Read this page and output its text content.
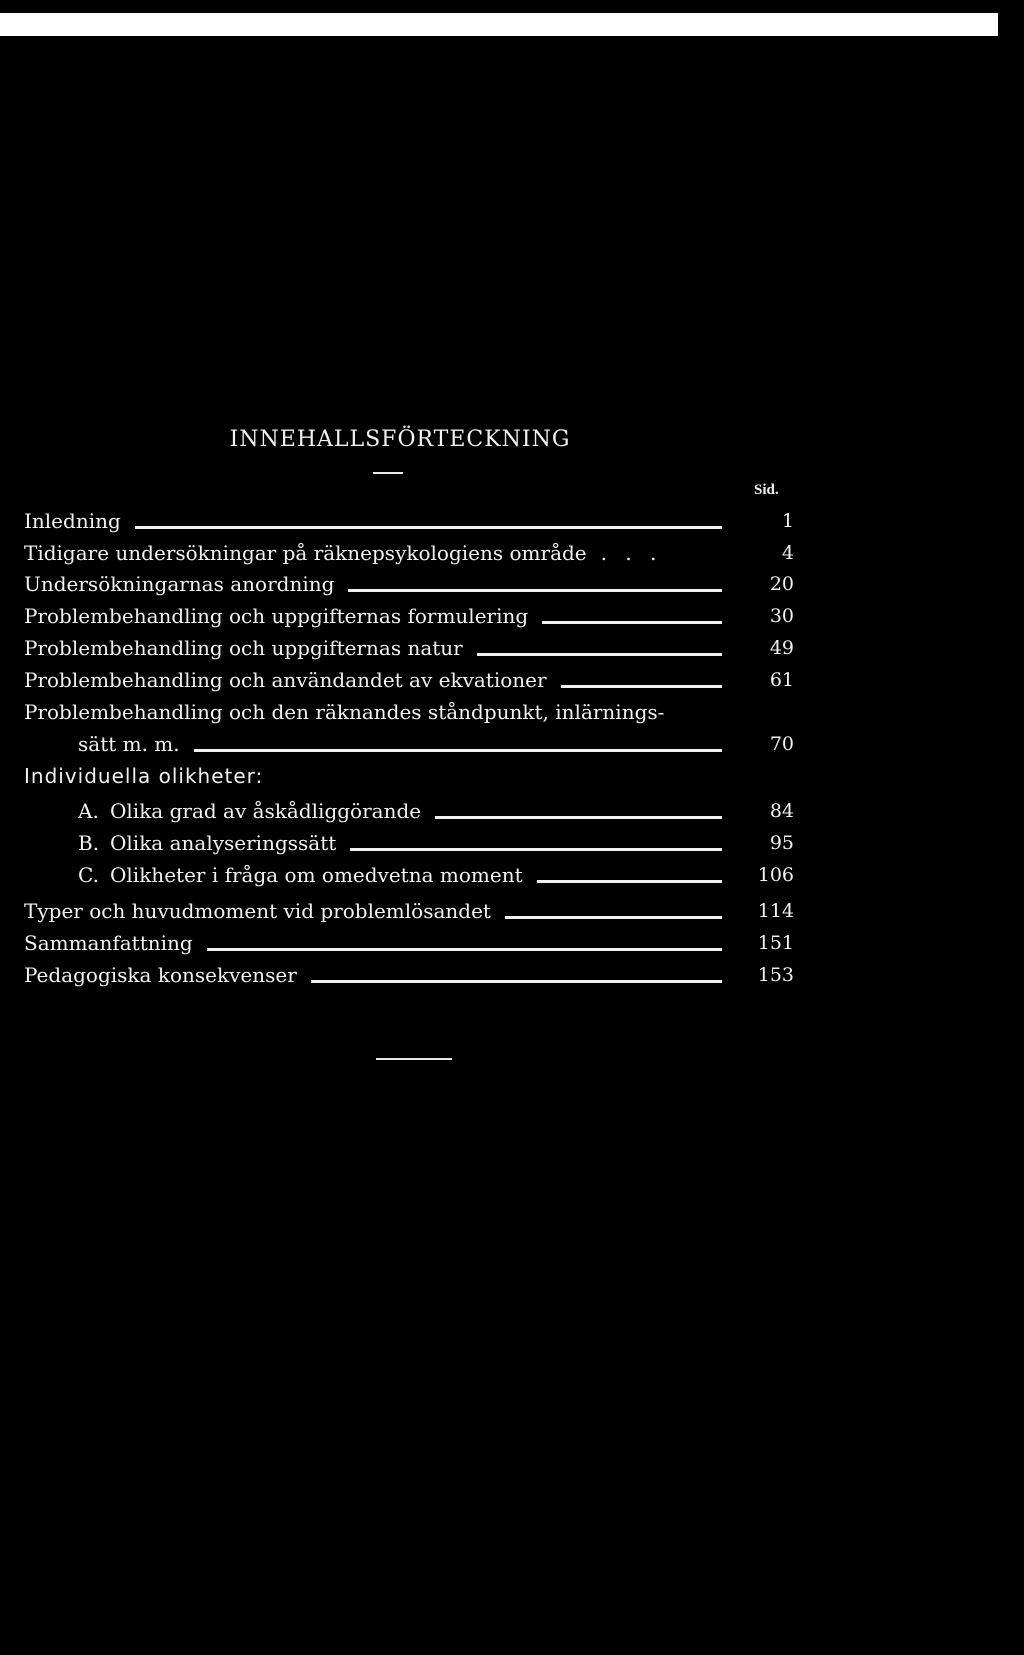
INNEHALLSFÖRTECKNING
Sid.
Inledning	1
Tidigare undersökningar på räknepsykologiens område . . .	4
Undersökningarnas anordning	20
Problembehandling och uppgifternas formulering	30
Problembehandling och uppgifternas natur	49
Problembehandling och användandet av ekvationer	61
Problembehandling och den räknandes ståndpunkt, inlärnings-
sätt m. m.	70
Individuella olikheter:
A. Olika grad av åskådliggörande	84
B. Olika analyseringssätt	95
C. Olikheter i fråga om omedvetna moment	106
Typer och huvudmoment vid problemlösandet	114
Sammanfattning	151
Pedagogiska konsekvenser	153
